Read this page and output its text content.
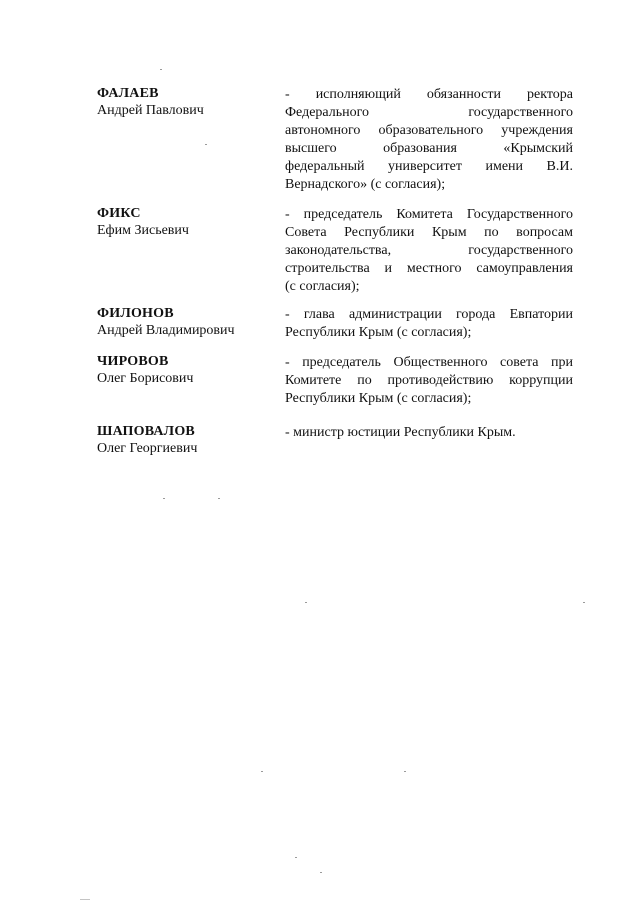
ФАЛАЕВ
Андрей Павлович
- исполняющий обязанности ректора
Федерального государственного
автономного образовательного учреждения
высшего образования «Крымский
федеральный университет имени В.И.
Вернадского» (с согласия);
ФИКС
Ефим Зисьевич
- председатель Комитета Государственного
Совета Республики Крым по вопросам
законодательства, государственного
строительства и местного самоуправления
(с согласия);
ФИЛОНОВ
Андрей Владимирович
- глава администрации города Евпатории
Республики Крым (с согласия);
ЧИРОВОВ
Олег Борисович
- председатель Общественного совета при
Комитете по противодействию коррупции
Республики Крым (с согласия);
ШАПОВАЛОВ
Олег Георгиевич
- министр юстиции Республики Крым.
